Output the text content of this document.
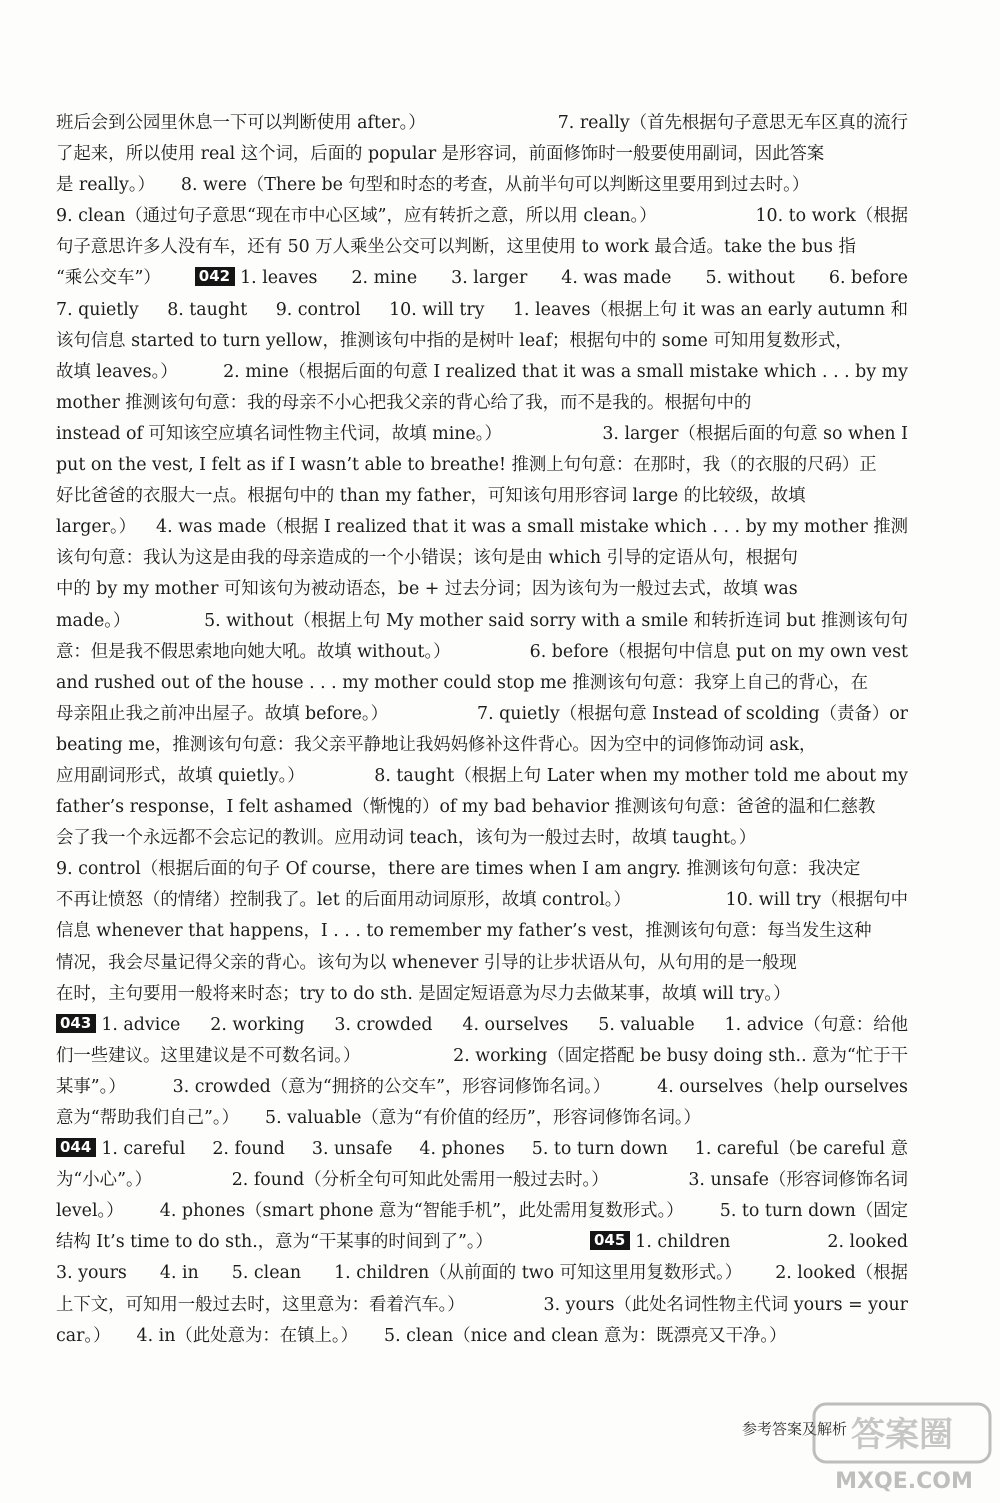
班后会到公园里休息一下可以判断使用 after。）	7. really（首先根据句子意思无车区真的流行
了起来，所以使用 real 这个词，后面的 popular 是形容词，前面修饰时一般要使用副词，因此答案
是 really。） 8. were（There be 句型和时态的考查，从前半句可以判断这里要用到过去时。）
9. clean（通过句子意思“现在市中心区域”，应有转折之意，所以用 clean。）	10. to work（根据
句子意思许多人没有车，还有 50 万人乘坐公交可以判断，这里使用 to work 最合适。take the bus 指
“乘公交车”）	042 1. leaves 2. mine 3. larger 4. was made 5. without 6. before
7. quietly 8. taught 9. control 10. will try 1. leaves（根据上句 it was an early autumn 和
该句信息 started to turn yellow，推测该句中指的是树叶 leaf；根据句中的 some 可知用复数形式，
故填 leaves。）	2. mine（根据后面的句意 I realized that it was a small mistake which . . . by my
mother 推测该句句意：我的母亲不小心把我父亲的背心给了我，而不是我的。根据句中的
instead of 可知该空应填名词性物主代词，故填 mine。）	3. larger（根据后面的句意 so when I
put on the vest, I felt as if I wasn’t able to breathe! 推测上句句意：在那时，我（的衣服的尺码）正
好比爸爸的衣服大一点。根据句中的 than my father，可知该句用形容词 large 的比较级，故填
larger。） 4. was made（根据 I realized that it was a small mistake which . . . by my mother 推测
该句句意：我认为这是由我的母亲造成的一个小错误；该句是由 which 引导的定语从句，根据句
中的 by my mother 可知该句为被动语态，be + 过去分词；因为该句为一般过去式，故填 was
made。）	5. without（根据上句 My mother said sorry with a smile 和转折连词 but 推测该句句
意：但是我不假思索地向她大吼。故填 without。）	6. before（根据句中信息 put on my own vest
and rushed out of the house . . . my mother could stop me 推测该句句意：我穿上自己的背心，在
母亲阻止我之前冲出屋子。故填 before。）	7. quietly（根据句意 Instead of scolding（责备）or
beating me，推测该句句意：我父亲平静地让我妈妈修补这件背心。因为空中的词修饰动词 ask，
应用副词形式，故填 quietly。）	8. taught（根据上句 Later when my mother told me about my
father’s response，I felt ashamed（惭愧的）of my bad behavior 推测该句句意：爸爸的温和仁慈教
会了我一个永远都不会忘记的教训。应用动词 teach，该句为一般过去时，故填 taught。）
9. control（根据后面的句子 Of course，there are times when I am angry. 推测该句句意：我决定
不再让愤怒（的情绪）控制我了。let 的后面用动词原形，故填 control。）	10. will try（根据句中
信息 whenever that happens，I . . . to remember my father’s vest，推测该句句意：每当发生这种
情况，我会尽量记得父亲的背心。该句为以 whenever 引导的让步状语从句，从句用的是一般现
在时，主句要用一般将来时态；try to do sth. 是固定短语意为尽力去做某事，故填 will try。）
043 1. advice 2. working 3. crowded 4. ourselves 5. valuable 1. advice（句意：给他
们一些建议。这里建议是不可数名词。）	2. working（固定搭配 be busy doing sth.. 意为“忙于干
某事”。）	3. crowded（意为“拥挤的公交车”，形容词修饰名词。）	4. ourselves（help ourselves
意为“帮助我们自己”。） 5. valuable（意为“有价值的经历”，形容词修饰名词。）
044 1. careful 2. found 3. unsafe 4. phones 5. to turn down 1. careful（be careful 意
为“小心”。）	2. found（分析全句可知此处需用一般过去时。）	3. unsafe（形容词修饰名词
level。） 4. phones（smart phone 意为“智能手机”，此处需用复数形式。） 5. to turn down（固定
结构 It’s time to do sth.，意为“干某事的时间到了”。）	045 1. children	2. looked
3. yours 4. in 5. clean 1. children（从前面的 two 可知这里用复数形式。） 2. looked（根据
上下文，可知用一般过去时，这里意为：看着汽车。）	3. yours（此处名词性物主代词 yours = your
car。） 4. in（此处意为：在镇上。） 5. clean（nice and clean 意为：既漂亮又干净。）
参考答案及解析 答案圈
MXQE.COM
